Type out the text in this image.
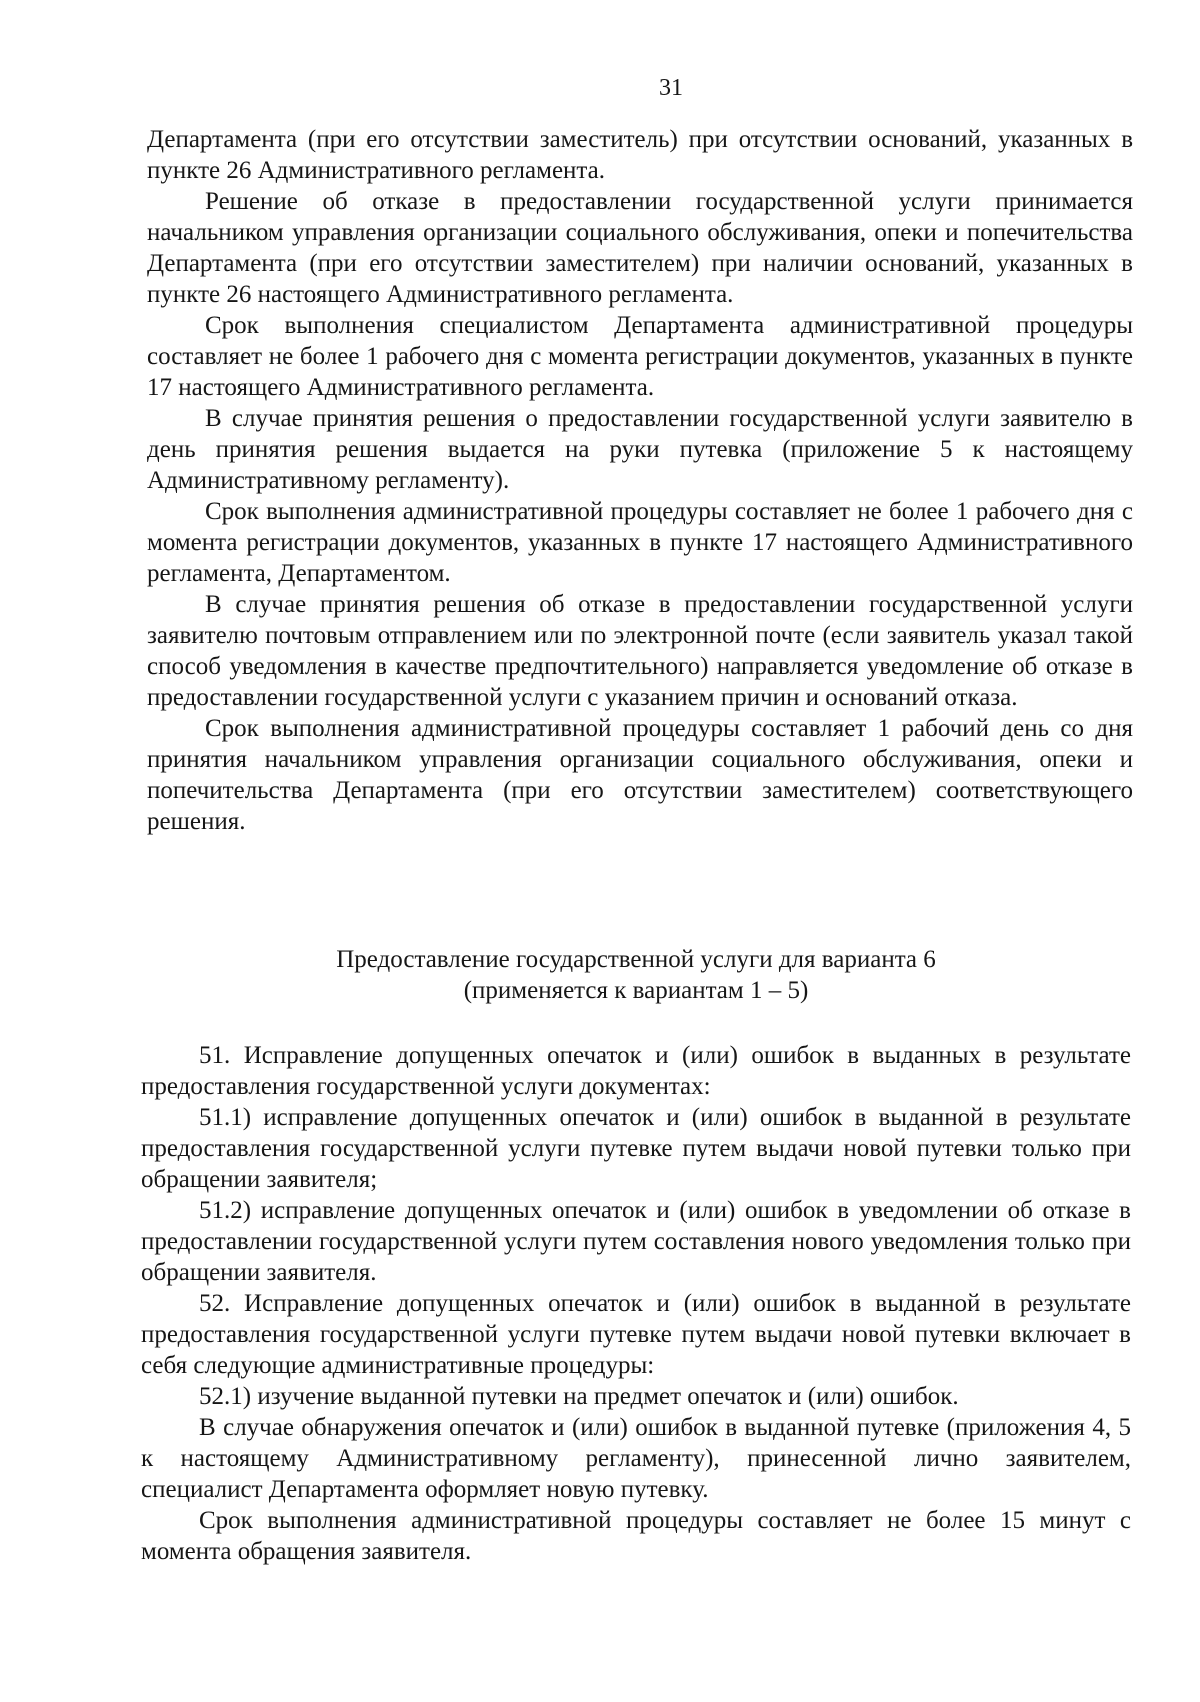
31

Департамента (при его отсутствии заместитель) при отсутствии оснований, указанных в пункте 26 Административного регламента.

Решение об отказе в предоставлении государственной услуги принимается начальником управления организации социального обслуживания, опеки и попечительства Департамента (при его отсутствии заместителем) при наличии оснований, указанных в пункте 26 настоящего Административного регламента.

Срок выполнения специалистом Департамента административной процедуры составляет не более 1 рабочего дня с момента регистрации документов, указанных в пункте 17 настоящего Административного регламента.

В случае принятия решения о предоставлении государственной услуги заявителю в день принятия решения выдается на руки путевка (приложение 5 к настоящему Административному регламенту).

Срок выполнения административной процедуры составляет не более 1 рабочего дня с момента регистрации документов, указанных в пункте 17 настоящего Административного регламента, Департаментом.

В случае принятия решения об отказе в предоставлении государственной услуги заявителю почтовым отправлением или по электронной почте (если заявитель указал такой способ уведомления в качестве предпочтительного) направляется уведомление об отказе в предоставлении государственной услуги с указанием причин и оснований отказа.

Срок выполнения административной процедуры составляет 1 рабочий день со дня принятия начальником управления организации социального обслуживания, опеки и попечительства Департамента (при его отсутствии заместителем) соответствующего решения.

Предоставление государственной услуги для варианта 6
(применяется к вариантам 1 – 5)

51. Исправление допущенных опечаток и (или) ошибок в выданных в результате предоставления государственной услуги документах:

51.1) исправление допущенных опечаток и (или) ошибок в выданной в результате предоставления государственной услуги путевке путем выдачи новой путевки только при обращении заявителя;

51.2) исправление допущенных опечаток и (или) ошибок в уведомлении об отказе в предоставлении государственной услуги путем составления нового уведомления только при обращении заявителя.

52. Исправление допущенных опечаток и (или) ошибок в выданной в результате предоставления государственной услуги путевке путем выдачи новой путевки включает в себя следующие административные процедуры:

52.1) изучение выданной путевки на предмет опечаток и (или) ошибок.

В случае обнаружения опечаток и (или) ошибок в выданной путевке (приложения 4, 5 к настоящему Административному регламенту), принесенной лично заявителем, специалист Департамента оформляет новую путевку.

Срок выполнения административной процедуры составляет не более 15 минут с момента обращения заявителя.
